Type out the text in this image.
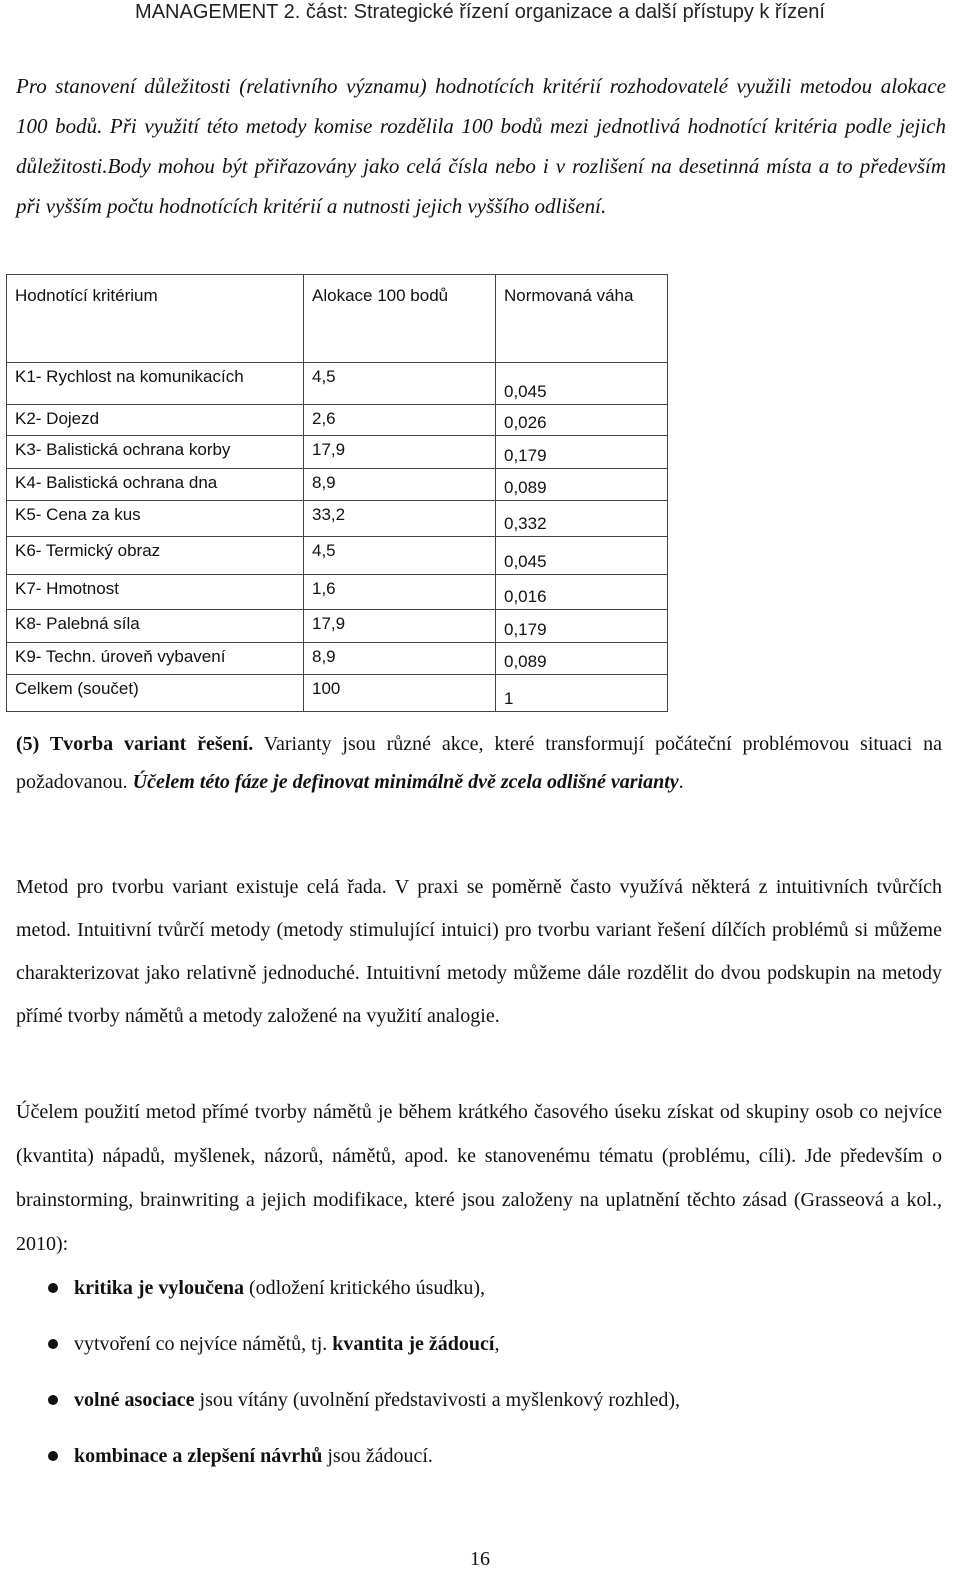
MANAGEMENT 2. část: Strategické řízení organizace a další přístupy k řízení

Pro stanovení důležitosti (relativního významu) hodnotících kritérií rozhodovatelé využili metodou alokace 100 bodů. Při využití této metody komise rozdělila 100 bodů mezi jednotlivá hodnotící kritéria podle jejich důležitosti.Body mohou být přiřazovány jako celá čísla nebo i v rozlišení na desetinná místa a to především při vyšším počtu hodnotících kritérií a nutnosti jejich vyššího odlišení.

Hodnotící kritérium	Alokace 100 bodů	Normovaná váha
K1- Rychlost na komunikacích	4,5	0,045
K2- Dojezd	2,6	0,026
K3- Balistická ochrana korby	17,9	0,179
K4- Balistická ochrana dna	8,9	0,089
K5- Cena za kus	33,2	0,332
K6- Termický obraz	4,5	0,045
K7- Hmotnost	1,6	0,016
K8- Palebná síla	17,9	0,179
K9- Techn. úroveň vybavení	8,9	0,089
Celkem (součet)	100	1

(5) Tvorba variant řešení. Varianty jsou různé akce, které transformují počáteční problémovou situaci na požadovanou. Účelem této fáze je definovat minimálně dvě zcela odlišné varianty.

Metod pro tvorbu variant existuje celá řada. V praxi se poměrně často využívá některá z intuitivních tvůrčích metod. Intuitivní tvůrčí metody (metody stimulující intuici) pro tvorbu variant řešení dílčích problémů si můžeme charakterizovat jako relativně jednoduché. Intuitivní metody můžeme dále rozdělit do dvou podskupin na metody přímé tvorby námětů a metody založené na využití analogie.

Účelem použití metod přímé tvorby námětů je během krátkého časového úseku získat od skupiny osob co nejvíce (kvantita) nápadů, myšlenek, názorů, námětů, apod. ke stanovenému tématu (problému, cíli). Jde především o brainstorming, brainwriting a jejich modifikace, které jsou založeny na uplatnění těchto zásad (Grasseová a kol., 2010):

kritika je vyloučena (odložení kritického úsudku),
vytvoření co nejvíce námětů, tj. kvantita je žádoucí,
volné asociace jsou vítány (uvolnění představivosti a myšlenkový rozhled),
kombinace a zlepšení návrhů jsou žádoucí.
16
